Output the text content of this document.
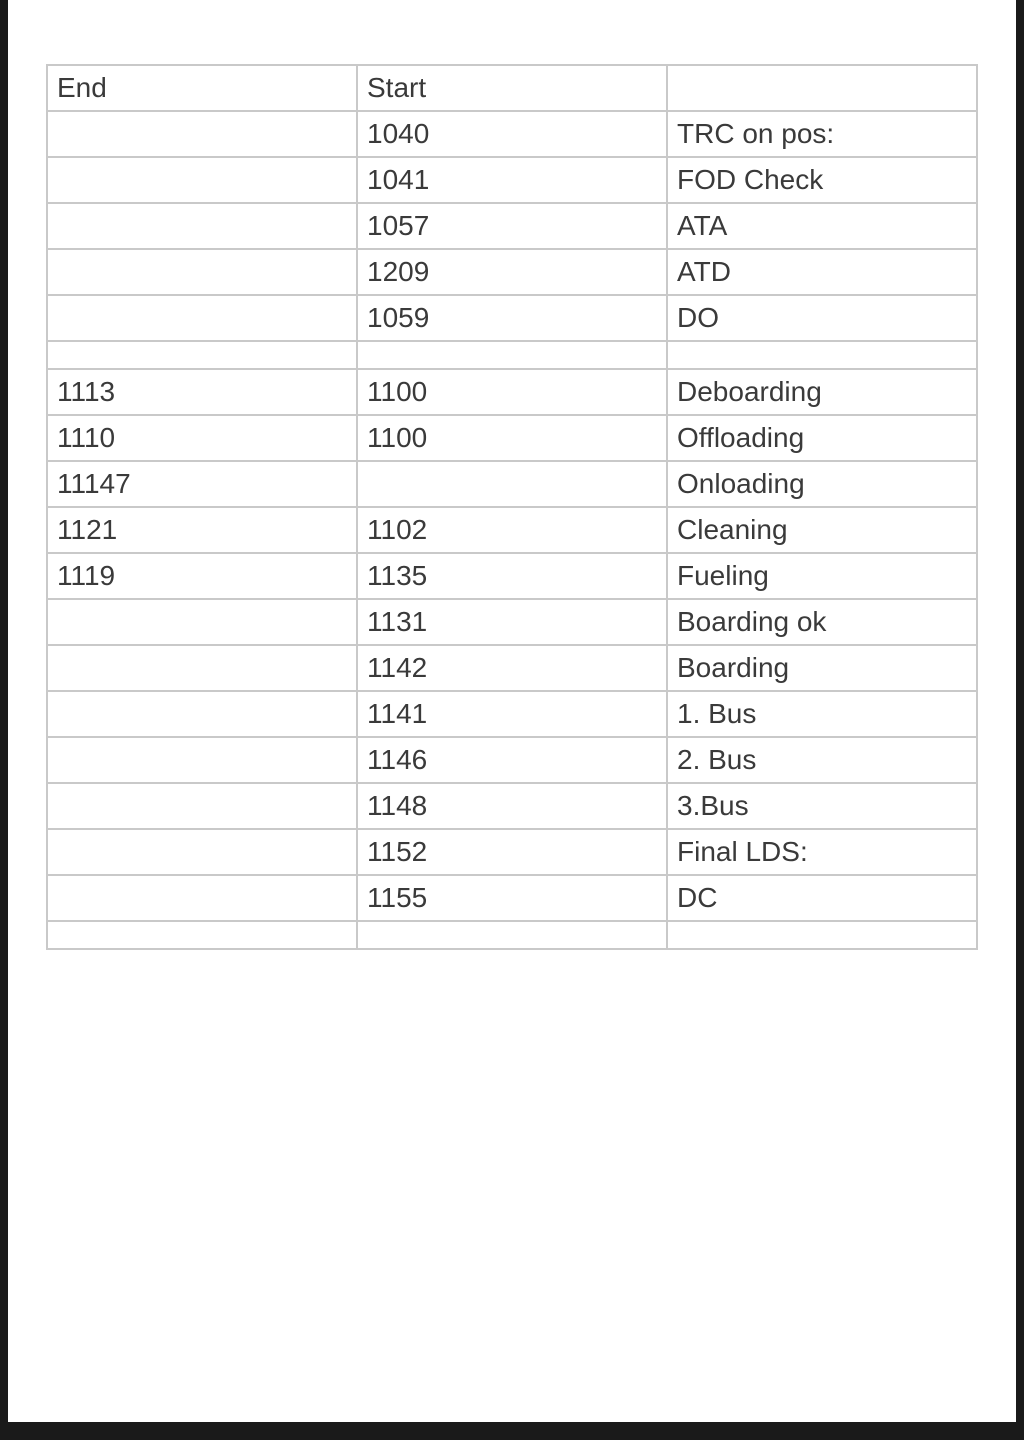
End	Start	
	1040	TRC on pos:
	1041	FOD Check
	1057	ATA
	1209	ATD
	1059	DO

1113	1100	Deboarding
1110	1100	Offloading
11147		Onloading
1121	1102	Cleaning
1119	1135	Fueling
	1131	Boarding ok
	1142	Boarding
	1141	1. Bus
	1146	2. Bus
	1148	3.Bus
	1152	Final LDS:
	1155	DC
